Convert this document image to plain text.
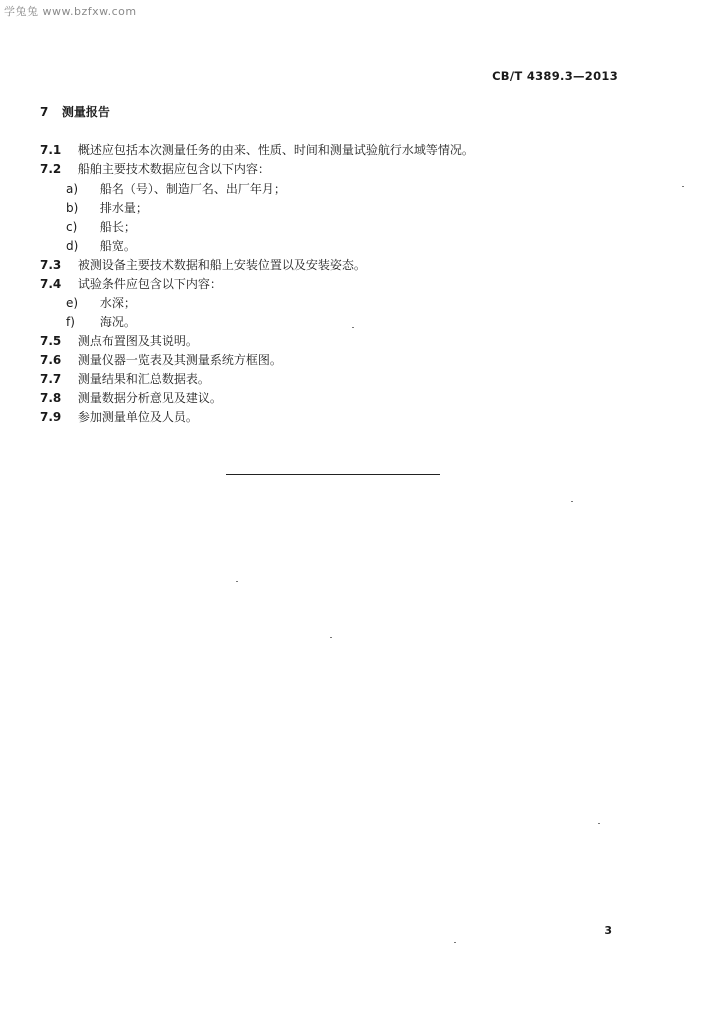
学兔兔 www.bzfxw.com
CB/T 4389.3—2013
7 测量报告
7.1 概述应包括本次测量任务的由来、性质、时间和测量试验航行水域等情况。
7.2 船舶主要技术数据应包含以下内容：
a) 船名（号）、制造厂名、出厂年月；
b) 排水量；
c) 船长；
d) 船宽。
7.3 被测设备主要技术数据和船上安装位置以及安装姿态。
7.4 试验条件应包含以下内容：
e) 水深；
f) 海况。
7.5 测点布置图及其说明。
7.6 测量仪器一览表及其测量系统方框图。
7.7 测量结果和汇总数据表。
7.8 测量数据分析意见及建议。
7.9 参加测量单位及人员。
3
